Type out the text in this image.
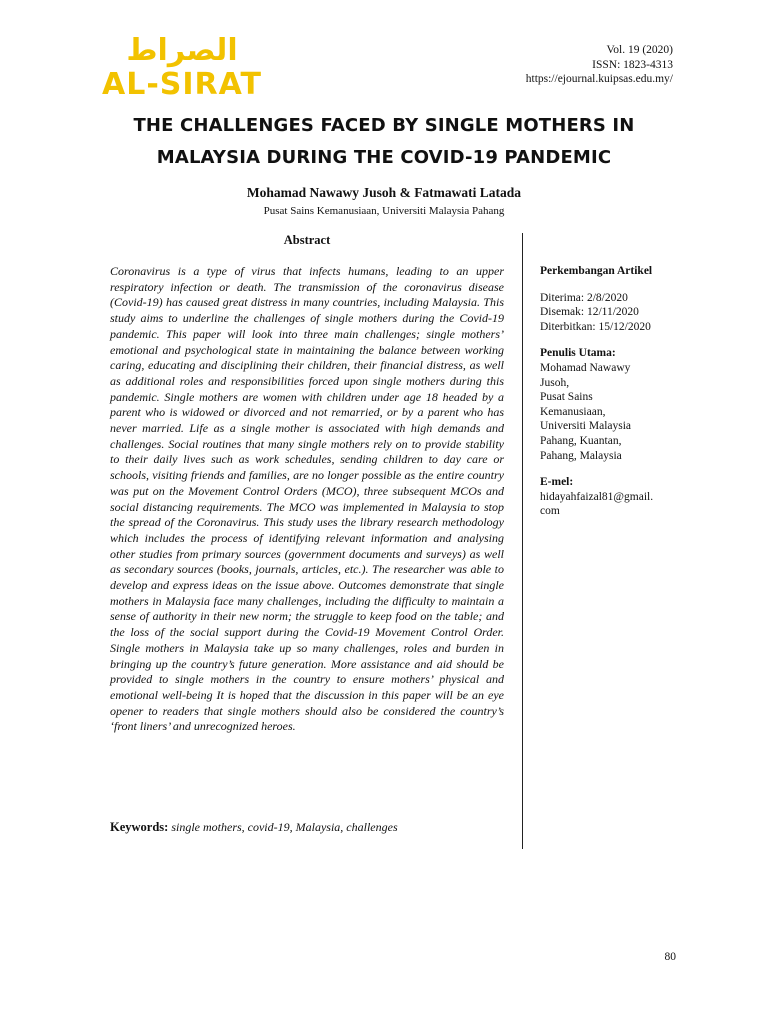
الصراط
AL-SIRAT
Vol. 19 (2020)
ISSN: 1823-4313
https://ejournal.kuipsas.edu.my/
THE CHALLENGES FACED BY SINGLE MOTHERS IN
MALAYSIA DURING THE COVID-19 PANDEMIC
Mohamad Nawawy Jusoh & Fatmawati Latada
Pusat Sains Kemanusiaan, Universiti Malaysia Pahang
Abstract
Coronavirus is a type of virus that infects humans, leading to an upper respiratory infection or death. The transmission of the coronavirus disease (Covid-19) has caused great distress in many countries, including Malaysia. This study aims to underline the challenges of single mothers during the Covid-19 pandemic. This paper will look into three main challenges; single mothers’ emotional and psychological state in maintaining the balance between working caring, educating and disciplining their children, their financial distress, as well as additional roles and responsibilities forced upon single mothers during this pandemic. Single mothers are women with children under age 18 headed by a parent who is widowed or divorced and not remarried, or by a parent who has never married. Life as a single mother is associated with high demands and challenges. Social routines that many single mothers rely on to provide stability to their daily lives such as work schedules, sending children to day care or schools, visiting friends and families, are no longer possible as the entire country was put on the Movement Control Orders (MCO), three subsequent MCOs and social distancing requirements. The MCO was implemented in Malaysia to stop the spread of the Coronavirus. This study uses the library research methodology which includes the process of identifying relevant information and analysing other studies from primary sources (government documents and surveys) as well as secondary sources (books, journals, articles, etc.). The researcher was able to develop and express ideas on the issue above. Outcomes demonstrate that single mothers in Malaysia face many challenges, including the difficulty to maintain a sense of authority in their new norm; the struggle to keep food on the table; and the loss of the social support during the Covid-19 Movement Control Order. Single mothers in Malaysia take up so many challenges, roles and burden in bringing up the country’s future generation. More assistance and aid should be provided to single mothers in the country to ensure mothers’ physical and emotional well-being It is hoped that the discussion in this paper will be an eye opener to readers that single mothers should also be considered the country’s ‘front liners’ and unrecognized heroes.
Keywords: single mothers, covid-19, Malaysia, challenges
Perkembangan Artikel
Diterima: 2/8/2020
Disemak: 12/11/2020
Diterbitkan: 15/12/2020
Penulis Utama:
Mohamad Nawawy
Jusoh,
Pusat Sains
Kemanusiaan,
Universiti Malaysia
Pahang, Kuantan,
Pahang, Malaysia
E-mel:
hidayahfaizal81@gmail.
com
80
